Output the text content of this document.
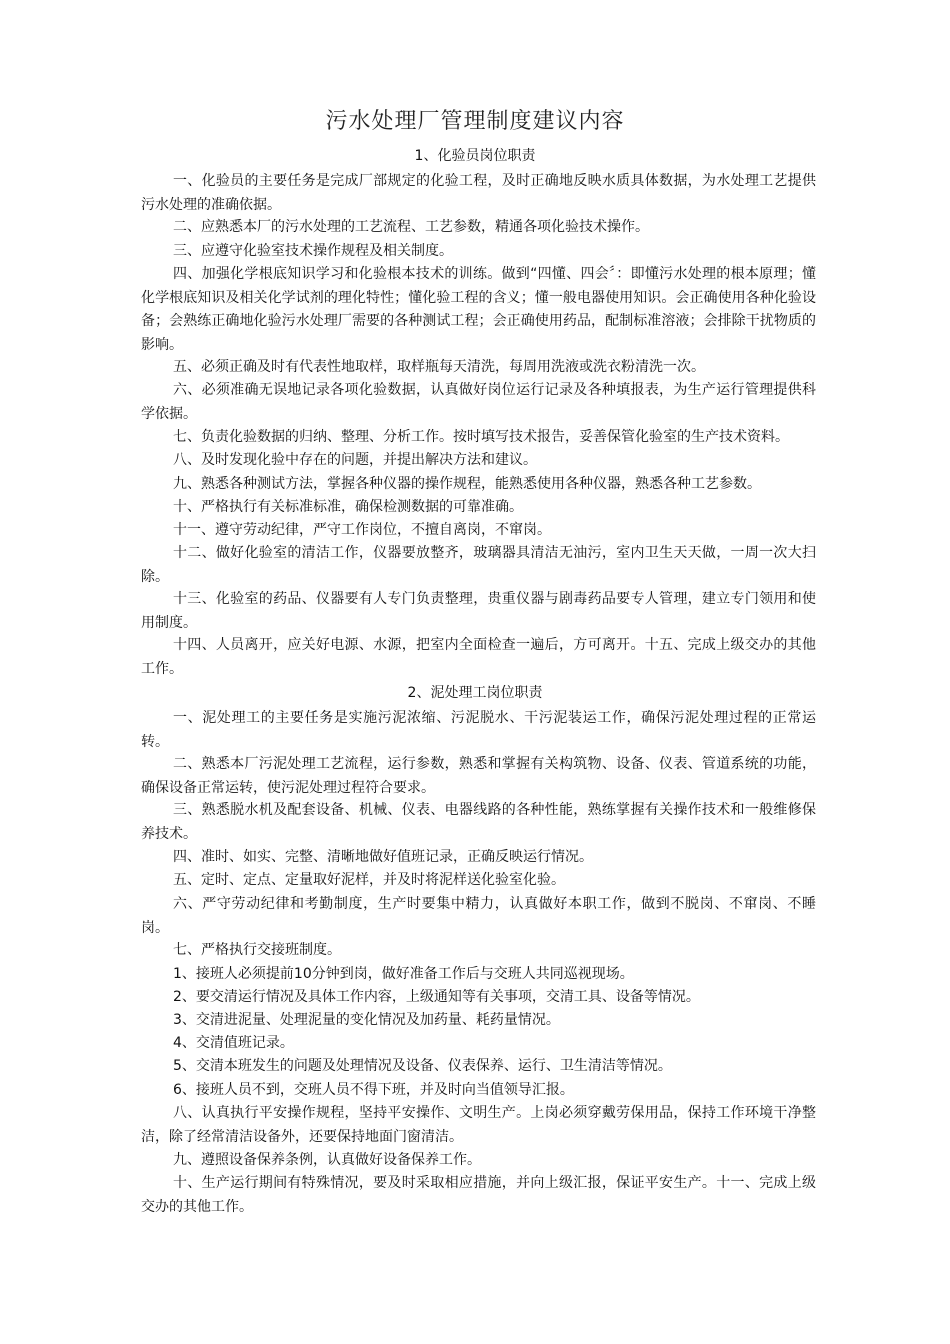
污水处理厂管理制度建议内容
1、化验员岗位职责
一、化验员的主要任务是完成厂部规定的化验工程，及时正确地反映水质具体数据，为水处理工艺提供污水处理的准确依据。
二、应熟悉本厂的污水处理的工艺流程、工艺参数，精通各项化验技术操作。
三、应遵守化验室技术操作规程及相关制度。
四、加强化学根底知识学习和化验根本技术的训练。做到“四懂、四会〞：即懂污水处理的根本原理；懂化学根底知识及相关化学试剂的理化特性；懂化验工程的含义；懂一般电器使用知识。会正确使用各种化验设备；会熟练正确地化验污水处理厂需要的各种测试工程；会正确使用药品，配制标准溶液；会排除干扰物质的影响。
五、必须正确及时有代表性地取样，取样瓶每天清洗，每周用洗液或洗衣粉清洗一次。
六、必须准确无误地记录各项化验数据，认真做好岗位运行记录及各种填报表，为生产运行管理提供科学依据。
七、负责化验数据的归纳、整理、分析工作。按时填写技术报告，妥善保管化验室的生产技术资料。
八、及时发现化验中存在的问题，并提出解决方法和建议。
九、熟悉各种测试方法，掌握各种仪器的操作规程，能熟悉使用各种仪器，熟悉各种工艺参数。
十、严格执行有关标准标准，确保检测数据的可靠准确。
十一、遵守劳动纪律，严守工作岗位，不擅自离岗，不窜岗。
十二、做好化验室的清洁工作，仪器要放整齐，玻璃器具清洁无油污，室内卫生天天做，一周一次大扫除。
十三、化验室的药品、仪器要有人专门负责整理，贵重仪器与剧毒药品要专人管理，建立专门领用和使用制度。
十四、人员离开，应关好电源、水源，把室内全面检查一遍后，方可离开。十五、完成上级交办的其他工作。
2、泥处理工岗位职责
一、泥处理工的主要任务是实施污泥浓缩、污泥脱水、干污泥装运工作，确保污泥处理过程的正常运转。
二、熟悉本厂污泥处理工艺流程，运行参数，熟悉和掌握有关构筑物、设备、仪表、管道系统的功能，确保设备正常运转，使污泥处理过程符合要求。
三、熟悉脱水机及配套设备、机械、仪表、电器线路的各种性能，熟练掌握有关操作技术和一般维修保养技术。
四、准时、如实、完整、清晰地做好值班记录，正确反映运行情况。
五、定时、定点、定量取好泥样，并及时将泥样送化验室化验。
六、严守劳动纪律和考勤制度，生产时要集中精力，认真做好本职工作，做到不脱岗、不窜岗、不睡岗。
七、严格执行交接班制度。
1、接班人必须提前10分钟到岗，做好准备工作后与交班人共同巡视现场。
2、要交清运行情况及具体工作内容，上级通知等有关事项，交清工具、设备等情况。
3、交清进泥量、处理泥量的变化情况及加药量、耗药量情况。
4、交清值班记录。
5、交清本班发生的问题及处理情况及设备、仪表保养、运行、卫生清洁等情况。
6、接班人员不到，交班人员不得下班，并及时向当值领导汇报。
八、认真执行平安操作规程，坚持平安操作、文明生产。上岗必须穿戴劳保用品，保持工作环境干净整洁，除了经常清洁设备外，还要保持地面门窗清洁。
九、遵照设备保养条例，认真做好设备保养工作。
十、生产运行期间有特殊情况，要及时采取相应措施，并向上级汇报，保证平安生产。十一、完成上级交办的其他工作。
